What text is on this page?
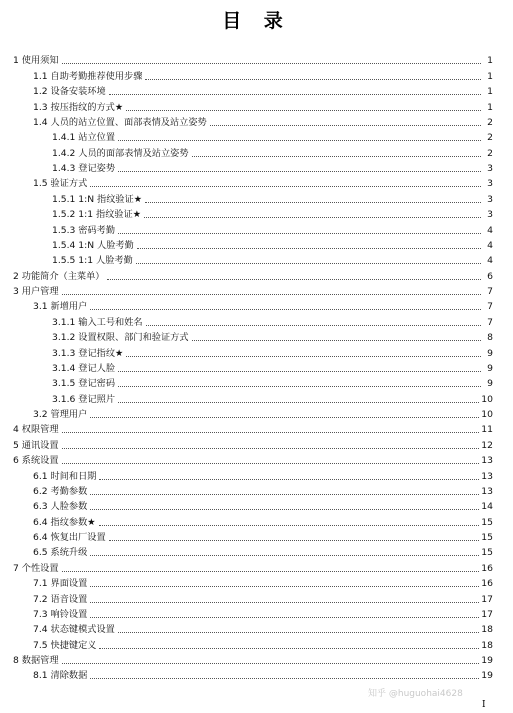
目 录
1 使用须知	1
1.1 自助考勤推荐使用步骤	1
1.2 设备安装环境	1
1.3 按压指纹的方式★	1
1.4 人员的站立位置、面部表情及站立姿势	2
1.4.1 站立位置	2
1.4.2 人员的面部表情及站立姿势	2
1.4.3 登记姿势	3
1.5 验证方式	3
1.5.1 1:N 指纹验证★	3
1.5.2 1:1 指纹验证★	3
1.5.3 密码考勤	4
1.5.4 1:N 人脸考勤	4
1.5.5 1:1 人脸考勤	4
2 功能简介（主菜单）	6
3 用户管理	7
3.1 新增用户	7
3.1.1 输入工号和姓名	7
3.1.2 设置权限、部门和验证方式	8
3.1.3 登记指纹★	9
3.1.4 登记人脸	9
3.1.5 登记密码	9
3.1.6 登记照片	10
3.2 管理用户	10
4 权限管理	11
5 通讯设置	12
6 系统设置	13
6.1 时间和日期	13
6.2 考勤参数	13
6.3 人脸参数	14
6.4 指纹参数★	15
6.4 恢复出厂设置	15
6.5 系统升级	15
7 个性设置	16
7.1 界面设置	16
7.2 语音设置	17
7.3 响铃设置	17
7.4 状态键模式设置	18
7.5 快捷键定义	18
8 数据管理	19
8.1 清除数据	19
知乎 @huguohai4628
I
